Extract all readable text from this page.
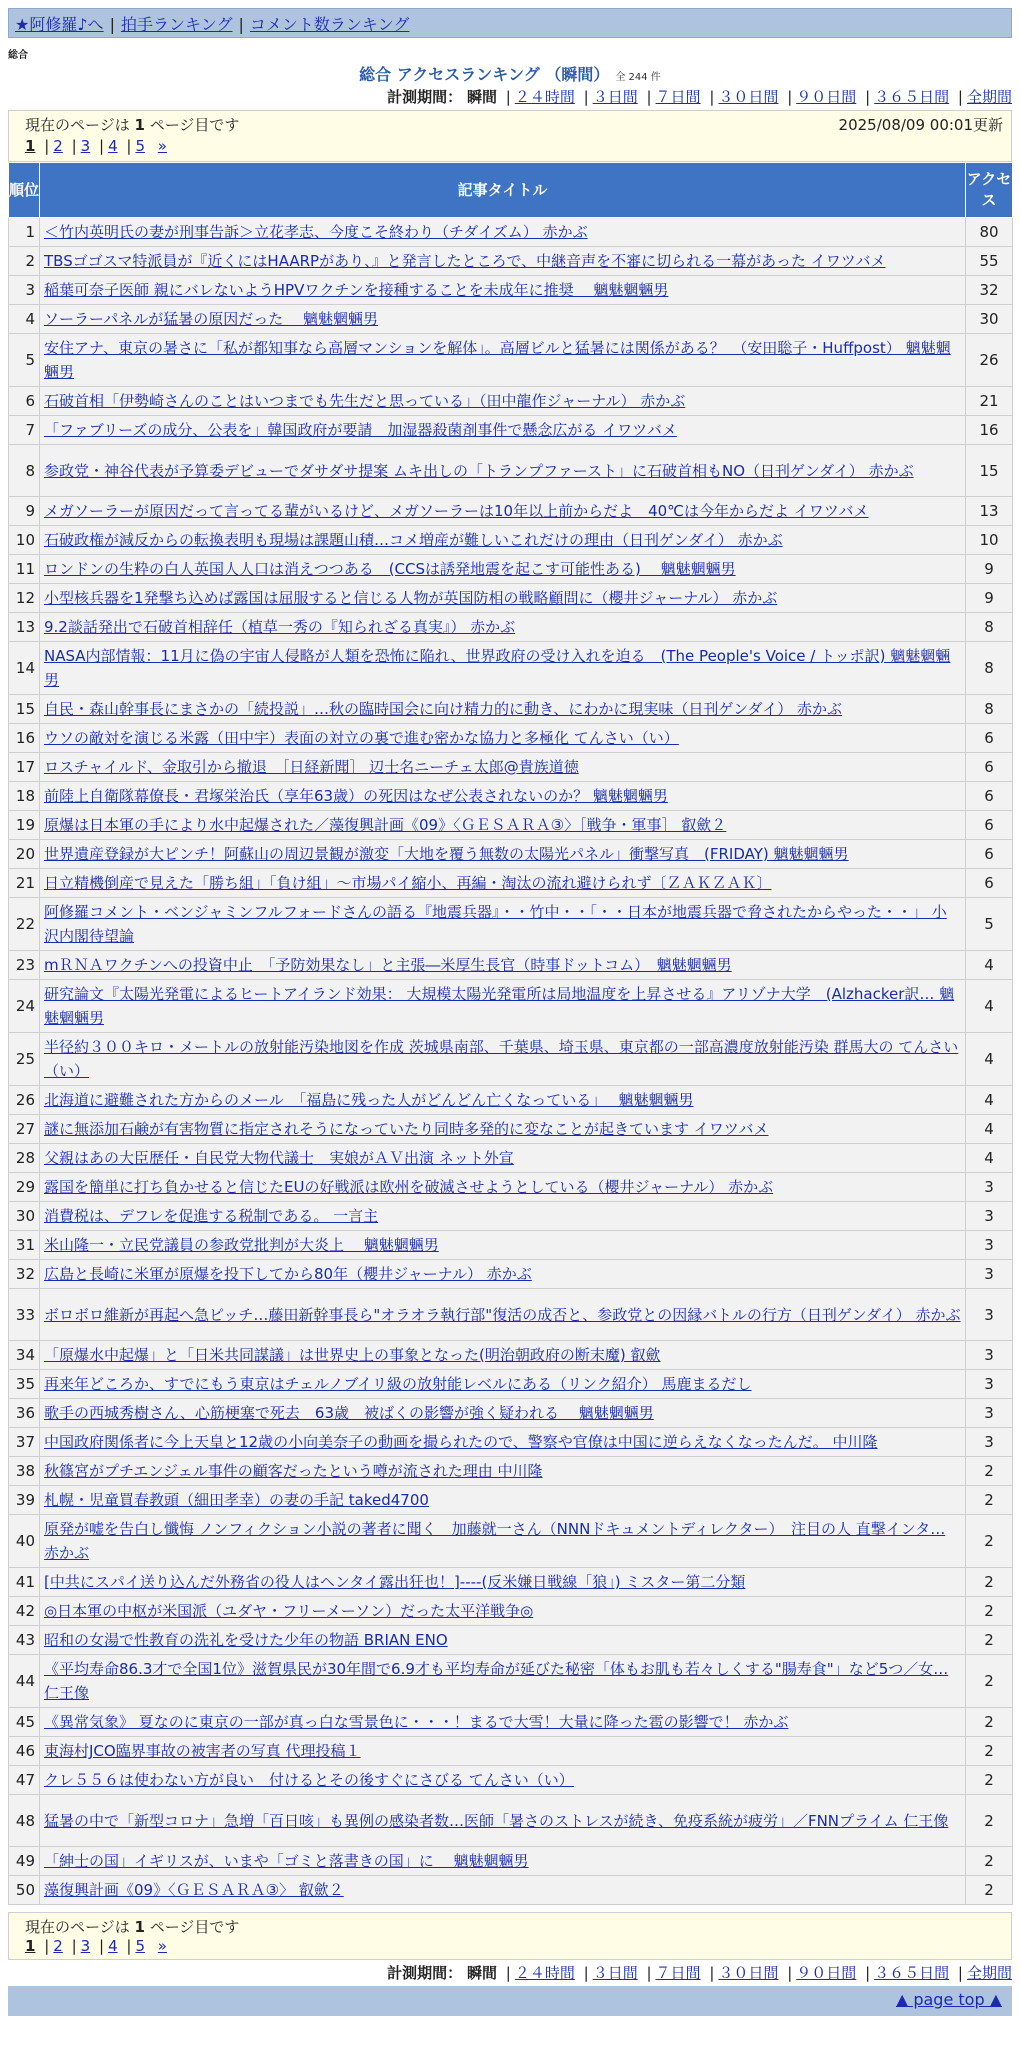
★阿修羅♪へ | 拍手ランキング | コメント数ランキング
総合
総合 アクセスランキング （瞬間） 全 244 件
計測期間： 瞬間 | ２４時間 | ３日間 | ７日間 | ３０日間 | ９０日間 | ３６５日間 | 全期間
現在のページは 1 ページ目です	2025/08/09 00:01更新
1 | 2 | 3 | 4 | 5 »
順位	記事タイトル	アクセス
1	＜竹内英明氏の妻が刑事告訴＞立花孝志、今度こそ終わり（チダイズム） 赤かぶ	80
2	TBSゴゴスマ特派員が『近くにはHAARPがあり、』と発言したところで、中継音声を不審に切られる一幕があった イワツバメ	55
3	稲葉可奈子医師 親にバレないようHPVワクチンを接種することを未成年に推奨　 魑魅魍魎男	32
4	ソーラーパネルが猛暑の原因だった　 魑魅魍魎男	30
5	安住アナ、東京の暑さに「私が都知事なら高層マンションを解体」。高層ビルと猛暑には関係がある？　（安田聡子・Huffpost） 魑魅魍魎男	26
6	石破首相「伊勢崎さんのことはいつまでも先生だと思っている」（田中龍作ジャーナル） 赤かぶ	21
7	「ファブリーズの成分、公表を」韓国政府が要請　加湿器殺菌剤事件で懸念広がる イワツバメ	16
8	参政党・神谷代表が予算委デビューでダサダサ提案 ムキ出しの「トランプファースト」に石破首相もNO（日刊ゲンダイ） 赤かぶ	15
9	メガソーラーが原因だって言ってる輩がいるけど、メガソーラーは10年以上前からだよ　40℃は今年からだよ イワツバメ	13
10	石破政権が減反からの転換表明も現場は課題山積…コメ増産が難しいこれだけの理由（日刊ゲンダイ） 赤かぶ	10
11	ロンドンの生粋の白人英国人人口は消えつつある　(CCSは誘発地震を起こす可能性ある)　 魑魅魍魎男	9
12	小型核兵器を1発撃ち込めば露国は屈服すると信じる人物が英国防相の戦略顧問に（櫻井ジャーナル） 赤かぶ	9
13	9.2談話発出で石破首相辞任（植草一秀の『知られざる真実』） 赤かぶ	8
14	NASA内部情報：11月に偽の宇宙人侵略が人類を恐怖に陥れ、世界政府の受け入れを迫る　(The People's Voice / トッポ訳) 魑魅魍魎男	8
15	自民・森山幹事長にまさかの「続投説」…秋の臨時国会に向け精力的に動き、にわかに現実味（日刊ゲンダイ） 赤かぶ	8
16	ウソの敵対を演じる米露（田中宇）表面の対立の裏で進む密かな協力と多極化 てんさい（い）	6
17	ロスチャイルド、金取引から撤退　［日経新聞］ 辺士名ニーチェ太郎@貴族道徳	6
18	前陸上自衛隊幕僚長・君塚栄治氏（享年63歳）の死因はなぜ公表されないのか？ 魑魅魍魎男	6
19	原爆は日本軍の手により水中起爆された／藻復興計画《09》〈ＧＥＳＡＲＡ③〉［戦争・軍事］ 叡歛２	6
20	世界遺産登録が大ピンチ！阿蘇山の周辺景観が激変「大地を覆う無数の太陽光パネル」衝撃写真　(FRIDAY) 魑魅魍魎男	6
21	日立精機倒産で見えた「勝ち組」「負け組」～市場パイ縮小、再編・淘汰の流れ避けられず〔ＺＡＫＺＡＫ〕	6
22	阿修羅コメント・ベンジャミンフルフォードさんの語る『地震兵器』・・竹中・・「・・日本が地震兵器で脅されたからやった・・」 小沢内閣待望論	5
23	mＲＮＡワクチンへの投資中止　「予防効果なし」と主張―米厚生長官（時事ドットコム）　魑魅魍魎男	4
24	研究論文『太陽光発電によるヒートアイランド効果： 大規模太陽光発電所は局地温度を上昇させる』アリゾナ大学　(Alzhacker訳… 魑魅魍魎男	4
25	半径約３００キロ・メートルの放射能汚染地図を作成 茨城県南部、千葉県、埼玉県、東京都の一部高濃度放射能汚染 群馬大の てんさい（い）	4
26	北海道に避難された方からのメール　「福島に残った人がどんどん亡くなっている」　 魑魅魍魎男	4
27	謎に無添加石鹸が有害物質に指定されそうになっていたり同時多発的に変なことが起きています イワツバメ	4
28	父親はあの大臣歴任・自民党大物代議士　実娘がＡＶ出演 ネット外宣	4
29	露国を簡単に打ち負かせると信じたEUの好戦派は欧州を破滅させようとしている（櫻井ジャーナル） 赤かぶ	3
30	消費税は、デフレを促進する税制である。 一言主	3
31	米山隆一・立民党議員の参政党批判が大炎上　 魑魅魍魎男	3
32	広島と長崎に米軍が原爆を投下してから80年（櫻井ジャーナル） 赤かぶ	3
33	ボロボロ維新が再起へ急ピッチ…藤田新幹事長ら"オラオラ執行部"復活の成否と、参政党との因縁バトルの行方（日刊ゲンダイ） 赤かぶ	3
34	「原爆水中起爆」と「日米共同謀議」は世界史上の事象となった(明治朝政府の断末魔) 叡歛	3
35	再来年どころか、すでにもう東京はチェルノブイリ級の放射能レベルにある（リンク紹介） 馬鹿まるだし	3
36	歌手の西城秀樹さん、心筋梗塞で死去　63歳　被ばくの影響が強く疑われる　 魑魅魍魎男	3
37	中国政府関係者に今上天皇と12歳の小向美奈子の動画を撮られたので、警察や官僚は中国に逆らえなくなったんだ。 中川隆	3
38	秋篠宮がプチエンジェル事件の顧客だったという噂が流された理由 中川隆	2
39	札幌・児童買春教頭（細田孝幸）の妻の手記 taked4700	2
40	原発が嘘を告白し懺悔 ノンフィクション小説の著者に聞く　加藤就一さん（NNNドキュメントディレクター）　注目の人 直撃インタ… 赤かぶ	2
41	[中共にスパイ送り込んだ外務省の役人はヘンタイ露出狂也！]----(反米嫌日戦線「狼」) ミスター第二分類	2
42	◎日本軍の中枢が米国派（ユダヤ・フリーメーソン）だった太平洋戦争◎	2
43	昭和の女湯で性教育の洗礼を受けた少年の物語 BRIAN ENO	2
44	《平均寿命86.3才で全国1位》滋賀県民が30年間で6.9才も平均寿命が延びた秘密「体もお肌も若々しくする"腸寿食"」など5つ／女… 仁王像	2
45	《異常気象》 夏なのに東京の一部が真っ白な雪景色に・・・！まるで大雪！大量に降った雹の影響で！ 赤かぶ	2
46	東海村JCO臨界事故の被害者の写真 代理投稿１	2
47	クレ５５６は使わない方が良い　付けるとその後すぐにさびる てんさい（い）	2
48	猛暑の中で「新型コロナ」急増「百日咳」も異例の感染者数…医師「暑さのストレスが続き、免疫系統が疲労」／FNNプライム 仁王像	2
49	「紳士の国」イギリスが、いまや「ゴミと落書きの国」に　 魑魅魍魎男	2
50	藻復興計画《09》〈ＧＥＳＡＲＡ③〉 叡歛２	2
現在のページは 1 ページ目です
1 | 2 | 3 | 4 | 5 »
計測期間： 瞬間 | ２４時間 | ３日間 | ７日間 | ３０日間 | ９０日間 | ３６５日間 | 全期間
▲ page top ▲
